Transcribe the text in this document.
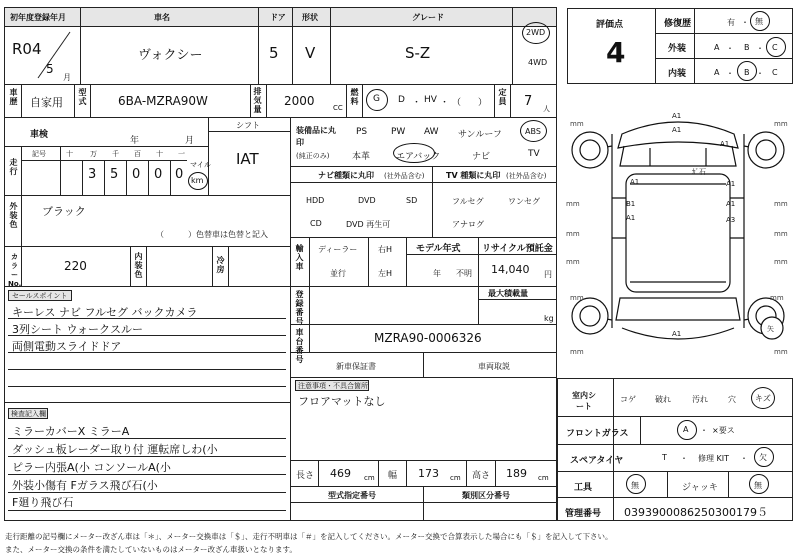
初年度登録年月	車名	ドア 形状	グレード
R04
5
月
ヴォクシー	5 V	S-Z
2WD
4WD
車歴 自家用
型式	6BA-MZRA90W
排気量
2000	CC
燃料 G D ・ HV ・ （ ）
定員 7 人
車検
年	月
シフト
IAT
走行
記号	十 万 千 百 十 一
3 5 0 0 0
マイル
km
外装色
ブラック
（　　　）色替車は色替と記入
カラーNo.
220
内装色
冷房
セールスポイント
キーレス ナビ フルセグ バックカメラ
3列シート ウォークスルー
両側電動スライドドア
検査記入欄
ミラーカバーX ミラーA
ダッシュ板レーダー取り付 運転席しわ(小
ピラー内張A(小 コンソールA(小
外装小傷有 Fガラス飛び石(小
F廻り飛び石
装備品に丸印
(純正のみ)
PS	PW AW サンルーフ	ABS
本革	エアバック	ナビ	TV
ナビ種類に丸印 (社外品含む)	TV 種類に丸印 (社外品含む)
HDD	DVD	SD
CD	DVD 再生可
フルセグ	ワンセグ
アナログ
輸入車
ディーラー
並行
右H
左H
モデル年式
年 不明
リサイクル預託金
14,040 円
登録番号
最大積載量
kg
車台番号
MZRA90-0006326
新車保証書	車両取説
注意事項・不具合箇所
フロアマットなし
長さ 469 cm 幅 173 cm 高さ 189 cm
型式指定番号	類別区分番号
走行距離の記号欄にメーター改ざん車は「＊」、メーター交換車は「＄」、走行不明車は「＃」を記入してください。メーター交換で合算表示した場合にも「＄」を記入して下さい。
また、メーター交換の条件を満たしていないものはメーター改ざん車扱いとなります。
評価点
4
修復歴	有 ・ 無
外装	A ・ B ・ C
内装	A ・ B ・ C
A1
A1
A1
A1
B1
A1
A1
A1
A3
A1
ｶﾞ石
矢
mm	mm
mm
mm
mm	mm
mm
mm
mm	mm
mm	mm
室内シート
コゲ 破れ	汚れ	穴 キズ
フロントガラス	A ・ ×要ス
スペアタイヤ	T ・ 修理 KIT ・ 欠
工具	無	ジャッキ	無
管理番号 0393900086250300179５
